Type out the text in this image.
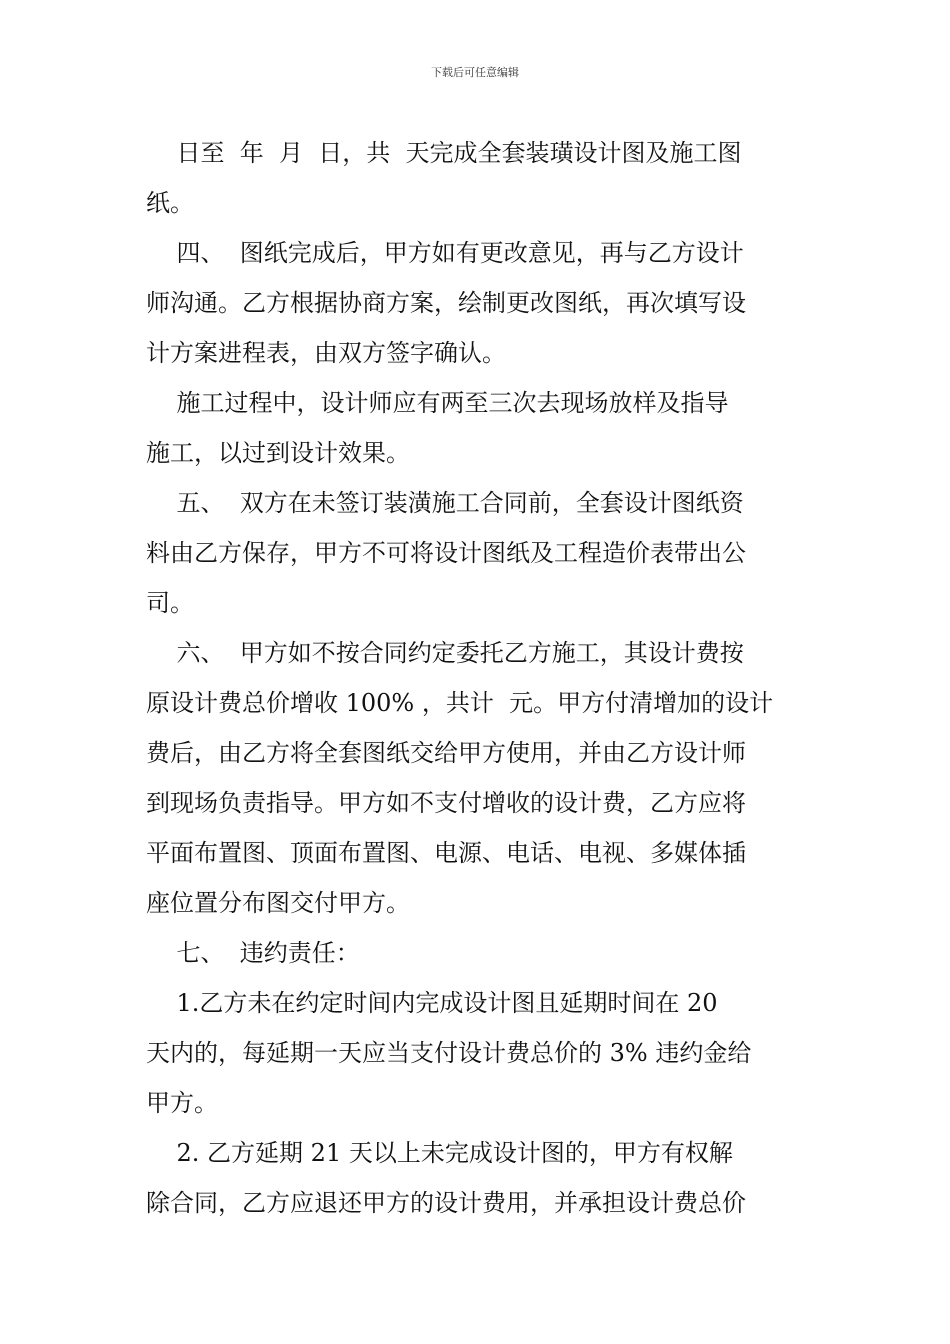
下载后可任意编辑
日至  年  月  日，共  天完成全套装璜设计图及施工图
纸。
四、  图纸完成后，甲方如有更改意见，再与乙方设计
师沟通。乙方根据协商方案，绘制更改图纸，再次填写设
计方案进程表，由双方签字确认。
施工过程中，设计师应有两至三次去现场放样及指导
施工，以过到设计效果。
五、  双方在未签订装潢施工合同前，全套设计图纸资
料由乙方保存，甲方不可将设计图纸及工程造价表带出公
司。
六、  甲方如不按合同约定委托乙方施工，其设计费按
原设计费总价增收 100% ，共计  元。甲方付清增加的设计
费后，由乙方将全套图纸交给甲方使用，并由乙方设计师
到现场负责指导。甲方如不支付增收的设计费，乙方应将
平面布置图、顶面布置图、电源、电话、电视、多媒体插
座位置分布图交付甲方。
七、  违约责任：
1.乙方未在约定时间内完成设计图且延期时间在 20
天内的，每延期一天应当支付设计费总价的 3% 违约金给
甲方。
2. 乙方延期 21 天以上未完成设计图的，甲方有权解
除合同，乙方应退还甲方的设计费用，并承担设计费总价
